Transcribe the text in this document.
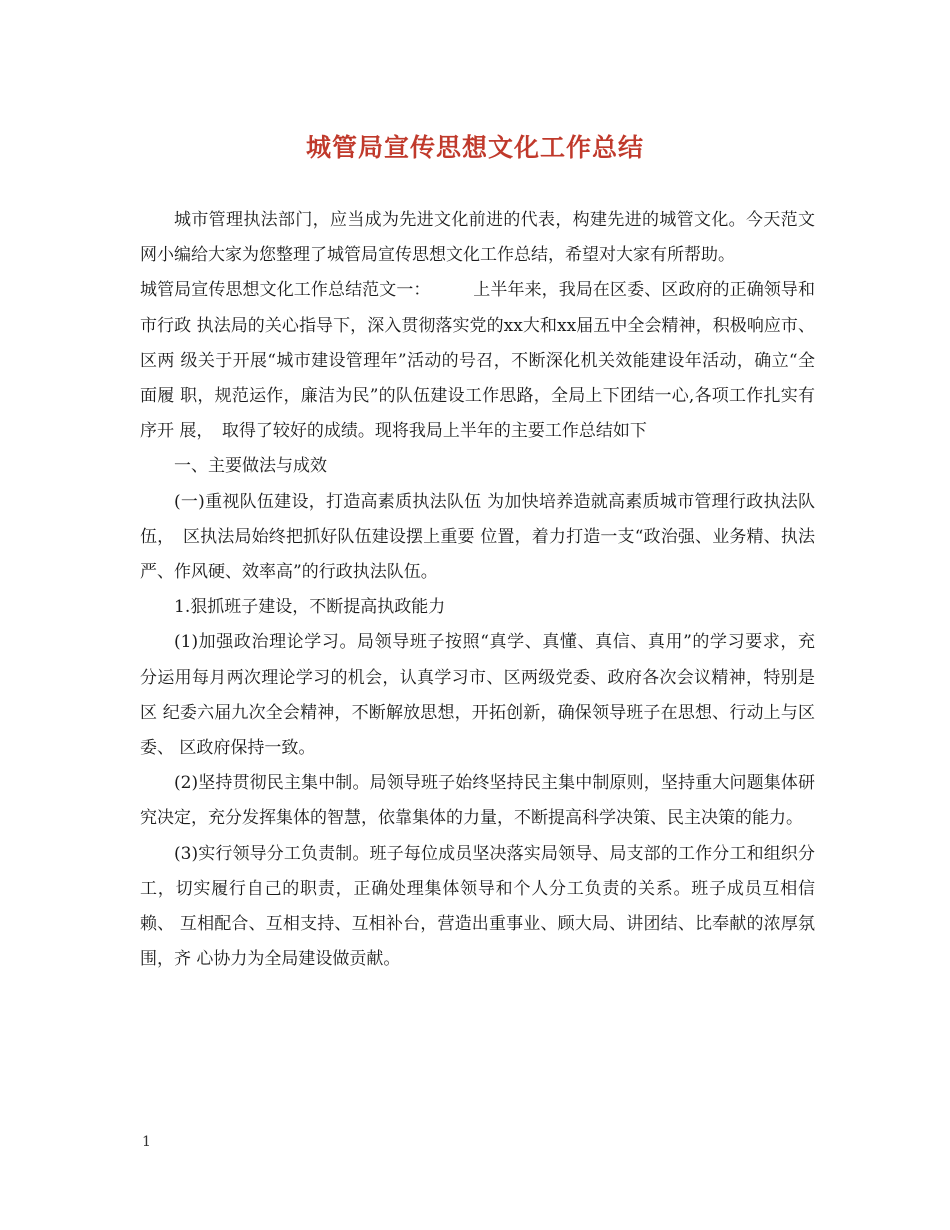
城管局宣传思想文化工作总结

城市管理执法部门，应当成为先进文化前进的代表，构建先进的城管文化。今天范文网小编给大家为您整理了城管局宣传思想文化工作总结，希望对大家有所帮助。

城管局宣传思想文化工作总结范文一：　　　上半年来，我局在区委、区政府的正确领导和市行政 执法局的关心指导下，深入贯彻落实党的xx大和xx届五中全会精神，积极响应市、区两 级关于开展“城市建设管理年”活动的号召，不断深化机关效能建设年活动，确立“全面履 职，规范运作，廉洁为民”的队伍建设工作思路，全局上下团结一心,各项工作扎实有序开 展，　取得了较好的成绩。现将我局上半年的主要工作总结如下

一、主要做法与成效

(一)重视队伍建设，打造高素质执法队伍 为加快培养造就高素质城市管理行政执法队伍，　区执法局始终把抓好队伍建设摆上重要 位置，着力打造一支“政治强、业务精、执法严、作风硬、效率高”的行政执法队伍。

1.狠抓班子建设，不断提高执政能力

(1)加强政治理论学习。局领导班子按照“真学、真懂、真信、真用”的学习要求，充 分运用每月两次理论学习的机会，认真学习市、区两级党委、政府各次会议精神，特别是区 纪委六届九次全会精神，不断解放思想，开拓创新，确保领导班子在思想、行动上与区委、 区政府保持一致。

(2)坚持贯彻民主集中制。局领导班子始终坚持民主集中制原则，坚持重大问题集体研 究决定，充分发挥集体的智慧，依靠集体的力量，不断提高科学决策、民主决策的能力。

(3)实行领导分工负责制。班子每位成员坚决落实局领导、局支部的工作分工和组织分 工，切实履行自己的职责，正确处理集体领导和个人分工负责的关系。班子成员互相信赖、 互相配合、互相支持、互相补台，营造出重事业、顾大局、讲团结、比奉献的浓厚氛围，齐 心协力为全局建设做贡献。

1
